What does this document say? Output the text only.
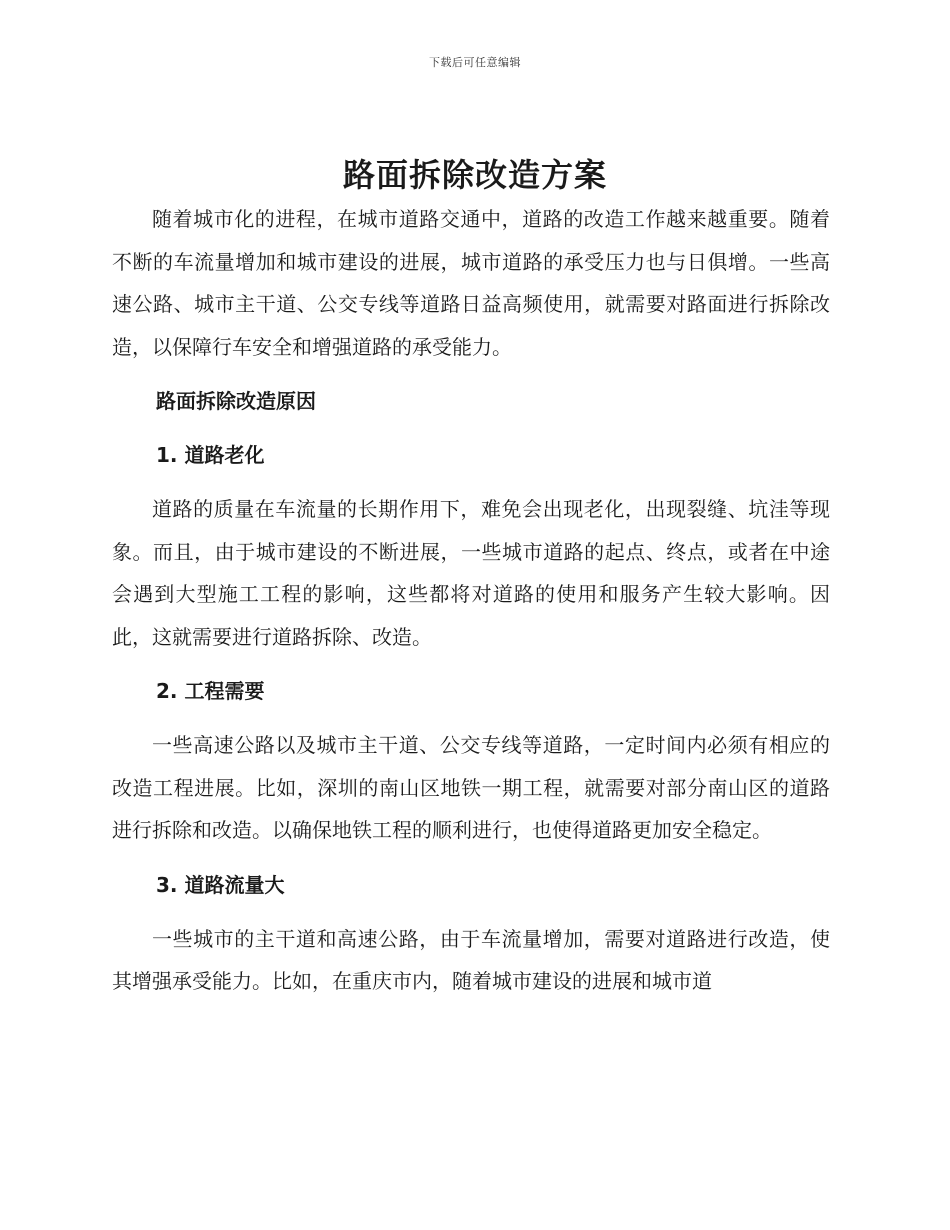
下载后可任意编辑
路面拆除改造方案

随着城市化的进程，在城市道路交通中，道路的改造工作越来越重要。随着不断的车流量增加和城市建设的进展，城市道路的承受压力也与日俱增。一些高速公路、城市主干道、公交专线等道路日益高频使用，就需要对路面进行拆除改造，以保障行车安全和增强道路的承受能力。

路面拆除改造原因
1. 道路老化

道路的质量在车流量的长期作用下，难免会出现老化，出现裂缝、坑洼等现象。而且，由于城市建设的不断进展，一些城市道路的起点、终点，或者在中途会遇到大型施工工程的影响，这些都将对道路的使用和服务产生较大影响。因此，这就需要进行道路拆除、改造。

2. 工程需要

一些高速公路以及城市主干道、公交专线等道路，一定时间内必须有相应的改造工程进展。比如，深圳的南山区地铁一期工程，就需要对部分南山区的道路进行拆除和改造。以确保地铁工程的顺利进行，也使得道路更加安全稳定。

3. 道路流量大

一些城市的主干道和高速公路，由于车流量增加，需要对道路进行改造，使其增强承受能力。比如，在重庆市内，随着城市建设的进展和城市道
